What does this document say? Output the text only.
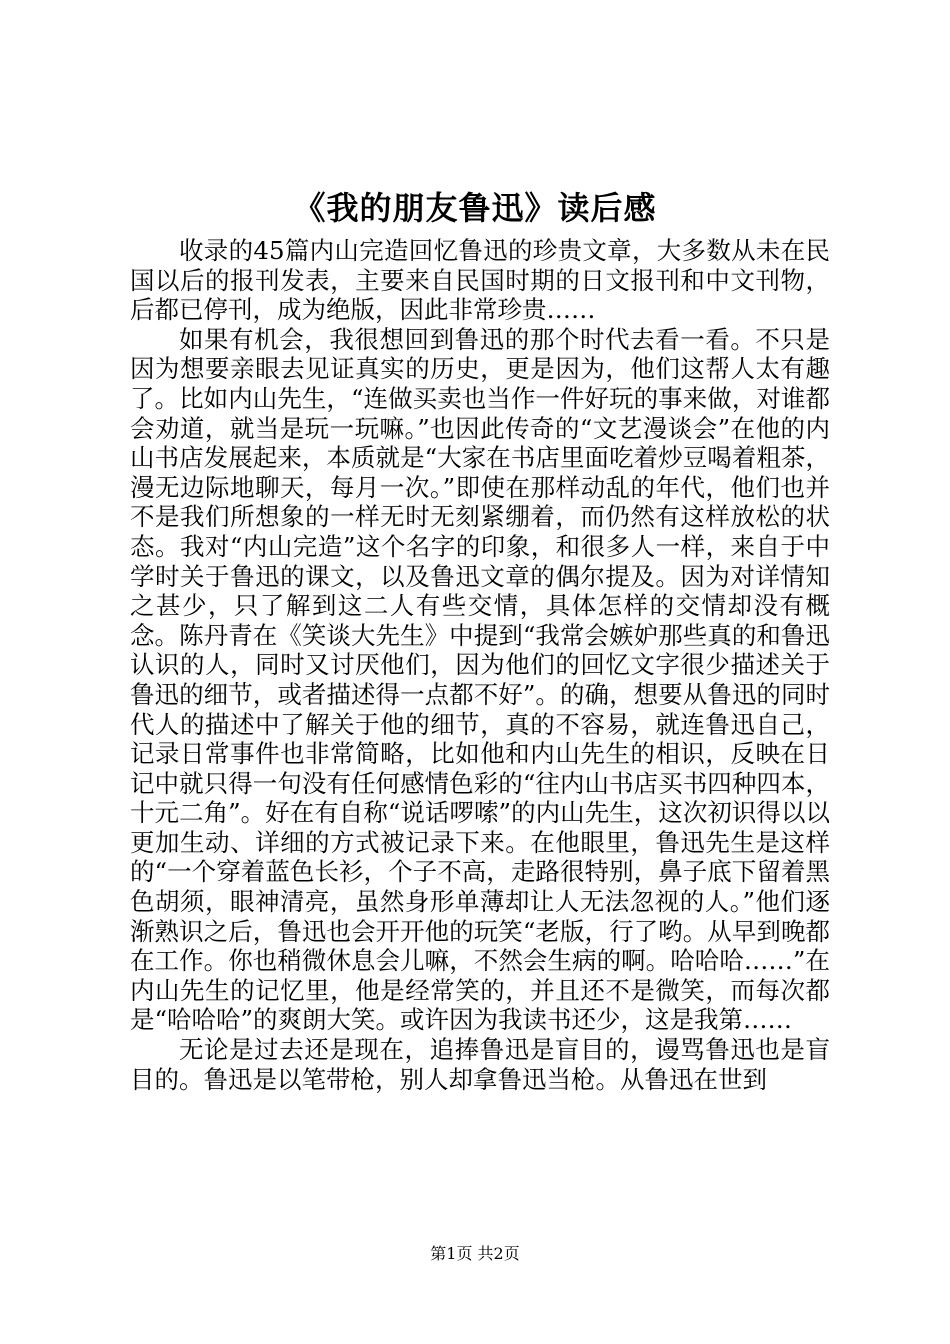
《我的朋友鲁迅》读后感

收录的45篇内山完造回忆鲁迅的珍贵文章，大多数从未在民国以后的报刊发表，主要来自民国时期的日文报刊和中文刊物，后都已停刊，成为绝版，因此非常珍贵……

如果有机会，我很想回到鲁迅的那个时代去看一看。不只是因为想要亲眼去见证真实的历史，更是因为，他们这帮人太有趣了。比如内山先生，“连做买卖也当作一件好玩的事来做，对谁都会劝道，就当是玩一玩嘛。”也因此传奇的“文艺漫谈会”在他的内山书店发展起来，本质就是“大家在书店里面吃着炒豆喝着粗茶，漫无边际地聊天，每月一次。”即使在那样动乱的年代，他们也并不是我们所想象的一样无时无刻紧绷着，而仍然有这样放松的状态。我对“内山完造”这个名字的印象，和很多人一样，来自于中学时关于鲁迅的课文，以及鲁迅文章的偶尔提及。因为对详情知之甚少，只了解到这二人有些交情，具体怎样的交情却没有概念。陈丹青在《笑谈大先生》中提到“我常会嫉妒那些真的和鲁迅认识的人，同时又讨厌他们，因为他们的回忆文字很少描述关于鲁迅的细节，或者描述得一点都不好”。的确，想要从鲁迅的同时代人的描述中了解关于他的细节，真的不容易，就连鲁迅自己，记录日常事件也非常简略，比如他和内山先生的相识，反映在日记中就只得一句没有任何感情色彩的“往内山书店买书四种四本，十元二角”。好在有自称“说话啰嗦”的内山先生，这次初识得以以更加生动、详细的方式被记录下来。在他眼里，鲁迅先生是这样的“一个穿着蓝色长衫，个子不高，走路很特别，鼻子底下留着黑色胡须，眼神清亮，虽然身形单薄却让人无法忽视的人。”他们逐渐熟识之后，鲁迅也会开开他的玩笑“老版，行了哟。从早到晚都在工作。你也稍微休息会儿嘛，不然会生病的啊。哈哈哈……”在内山先生的记忆里，他是经常笑的，并且还不是微笑，而每次都是“哈哈哈”的爽朗大笑。或许因为我读书还少，这是我第……

无论是过去还是现在，追捧鲁迅是盲目的，谩骂鲁迅也是盲目的。鲁迅是以笔带枪，别人却拿鲁迅当枪。从鲁迅在世到

第1页 共2页
